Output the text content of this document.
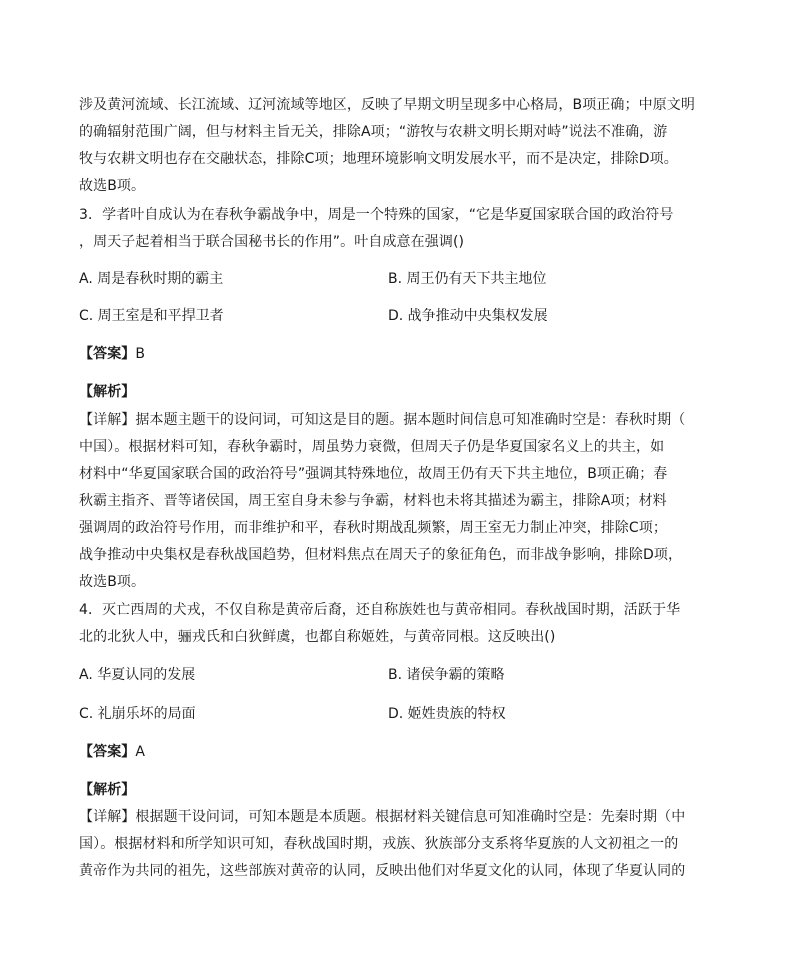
涉及黄河流域、长江流域、辽河流域等地区，反映了早期文明呈现多中心格局，B项正确；中原文明
的确辐射范围广阔，但与材料主旨无关，排除A项；“游牧与农耕文明长期对峙”说法不准确，游
牧与农耕文明也存在交融状态，排除C项；地理环境影响文明发展水平，而不是决定，排除D项。
故选B项。
3．学者叶自成认为在春秋争霸战争中，周是一个特殊的国家，“它是华夏国家联合国的政治符号
，周天子起着相当于联合国秘书长的作用”。叶自成意在强调()
A. 周是春秋时期的霸主	B. 周王仍有天下共主地位
C. 周王室是和平捍卫者	D. 战争推动中央集权发展
【答案】B
【解析】
【详解】据本题主题干的设问词，可知这是目的题。据本题时间信息可知准确时空是：春秋时期（
中国）。根据材料可知，春秋争霸时，周虽势力衰微，但周天子仍是华夏国家名义上的共主，如
材料中“华夏国家联合国的政治符号”强调其特殊地位，故周王仍有天下共主地位，B项正确；春
秋霸主指齐、晋等诸侯国，周王室自身未参与争霸，材料也未将其描述为霸主，排除A项；材料
强调周的政治符号作用，而非维护和平，春秋时期战乱频繁，周王室无力制止冲突，排除C项；
战争推动中央集权是春秋战国趋势，但材料焦点在周天子的象征角色，而非战争影响，排除D项，
故选B项。
4．灭亡西周的犬戎，不仅自称是黄帝后裔，还自称族姓也与黄帝相同。春秋战国时期，活跃于华
北的北狄人中，骊戎氏和白狄鲜虞，也都自称姬姓，与黄帝同根。这反映出()
A. 华夏认同的发展	B. 诸侯争霸的策略
C. 礼崩乐坏的局面	D. 姬姓贵族的特权
【答案】A
【解析】
【详解】根据题干设问词，可知本题是本质题。根据材料关键信息可知准确时空是：先秦时期（中
国）。根据材料和所学知识可知，春秋战国时期，戎族、狄族部分支系将华夏族的人文初祖之一的
黄帝作为共同的祖先，这些部族对黄帝的认同，反映出他们对华夏文化的认同，体现了华夏认同的
